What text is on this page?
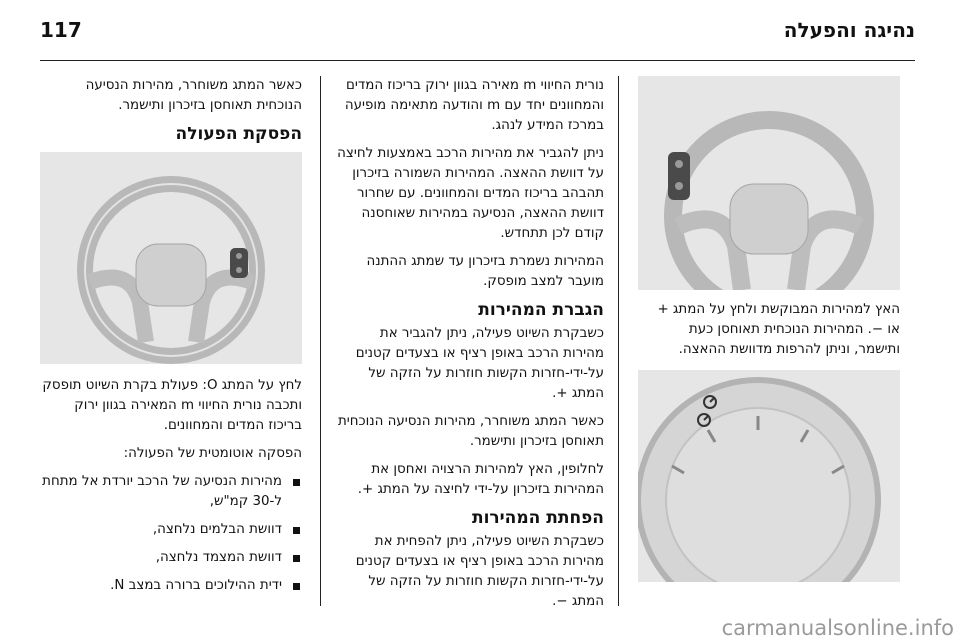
117	נהיגה והפעלה

כאשר המתג משוחרר, מהירות הנסיעה הנוכחית תאוחסן בזיכרון ותישמר.

הפסקת הפעולה

לחץ על המתג O: פעולת בקרת השיוט תופסק ותכבה נורית החיווי m המאירה בגוון ירוק בריכוז המדים והמחוונים.

הפסקה אוטומטית של הפעולה:

מהירות הנסיעה של הרכב יורדת אל מתחת ל-30 קמ"ש,
דוושת הבלמים נלחצה,
דוושת המצמד נלחצה,
ידית ההילוכים ברורה במצב N.

נורית החיווי m מאירה בגוון ירוק בריכוז המדים והמחוונים יחד עם m והודעה מתאימה מופיעה במרכז המידע לנהג.

ניתן להגביר את מהירות הרכב באמצעות לחיצה על דוושת ההאצה. המהירות השמורה בזיכרון תהבהב בריכוז המדים והמחוונים. עם שחרור דוושת ההאצה, הנסיעה במהירות שאוחסנה קודם לכן תתחדש.

המהירות נשמרת בזיכרון עד שמתג ההתנה מועבר למצב מופסק.

הגברת המהירות

כשבקרת השיוט פעילה, ניתן להגביר את מהירות הרכב באופן רציף או בצעדים קטנים על-ידי-חזרות הקשות חוזרות על הזקה של המתג +.

כאשר המתג משוחרר, מהירות הנסיעה הנוכחית תאוחסן בזיכרון ותישמר.

לחלופין, האץ למהירות הרצויה ואחסן את המהירות בזיכרון על-ידי לחיצה על המתג +.

הפחתת המהירות

כשבקרת השיוט פעילה, ניתן להפחית את מהירות הרכב באופן רציף או בצעדים קטנים על-ידי-חזרות הקשות חוזרות על הזקה של המתג −.

האץ למהירות המבוקשת ולחץ על המתג +

או −. המהירות הנוכחית תאוחסן כעת

ותישמר, וניתן להרפות מדוושת ההאצה.

carmanualsonline.info
